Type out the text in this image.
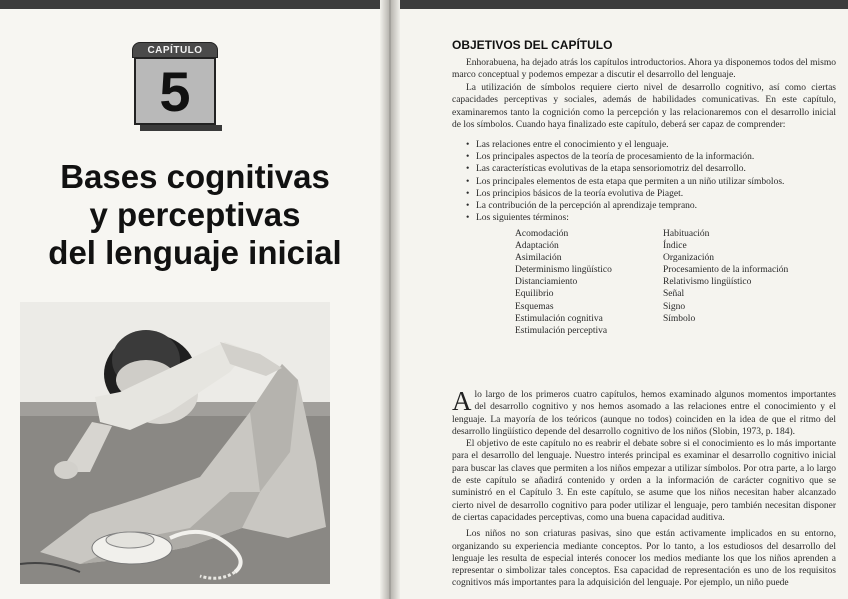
CAPÍTULO
5
Bases cognitivas
y perceptivas
del lenguaje inicial
OBJETIVOS DEL CAPÍTULO

Enhorabuena, ha dejado atrás los capítulos introductorios. Ahora ya disponemos todos del mismo marco conceptual y podemos empezar a discutir el desarrollo del lenguaje.

La utilización de símbolos requiere cierto nivel de desarrollo cognitivo, así como ciertas capacidades perceptivas y sociales, además de habilidades comunicativas. En este capítulo, examinaremos tanto la cognición como la percepción y las relacionaremos con el desarrollo inicial de los símbolos. Cuando haya finalizado este capítulo, deberá ser capaz de comprender:

• Las relaciones entre el conocimiento y el lenguaje.
• Los principales aspectos de la teoría de procesamiento de la información.
• Las características evolutivas de la etapa sensoriomotriz del desarrollo.
• Los principales elementos de esta etapa que permiten a un niño utilizar símbolos.
• Los principios básicos de la teoría evolutiva de Piaget.
• La contribución de la percepción al aprendizaje temprano.
• Los siguientes términos:
Acomodación
Adaptación
Asimilación
Determinismo lingüístico
Distanciamiento
Equilibrio
Esquemas
Estimulación cognitiva
Estimulación perceptiva
Habituación
Índice
Organización
Procesamiento de la información
Relativismo lingüístico
Señal
Signo
Símbolo

Alo largo de los primeros cuatro capítulos, hemos examinado algunos momentos importantes del desarrollo cognitivo y nos hemos asomado a las relaciones entre el conocimiento y el lenguaje. La mayoría de los teóricos (aunque no todos) coinciden en la idea de que el ritmo del desarrollo lingüístico depende del desarrollo cognitivo de los niños (Slobin, 1973, p. 184).

El objetivo de este capítulo no es reabrir el debate sobre si el conocimiento es lo más importante para el desarrollo del lenguaje. Nuestro interés principal es examinar el desarrollo cognitivo inicial para buscar las claves que permiten a los niños empezar a utilizar símbolos. Por otra parte, a lo largo de este capítulo se añadirá contenido y orden a la información de carácter cognitivo que se suministró en el Capítulo 3. En este capítulo, se asume que los niños necesitan haber alcanzado cierto nivel de desarrollo cognitivo para poder utilizar el lenguaje, pero también necesitan disponer de ciertas capacidades perceptivas, como una buena capacidad auditiva.

Los niños no son criaturas pasivas, sino que están activamente implicados en su entorno, organizando su experiencia mediante conceptos. Por lo tanto, a los estudiosos del desarrollo del lenguaje les resulta de especial interés conocer los medios mediante los que los niños aprenden a representar o simbolizar tales conceptos. Esa capacidad de representación es uno de los requisitos cognitivos más importantes para la adquisición del lenguaje. Por ejemplo, un niño puede
